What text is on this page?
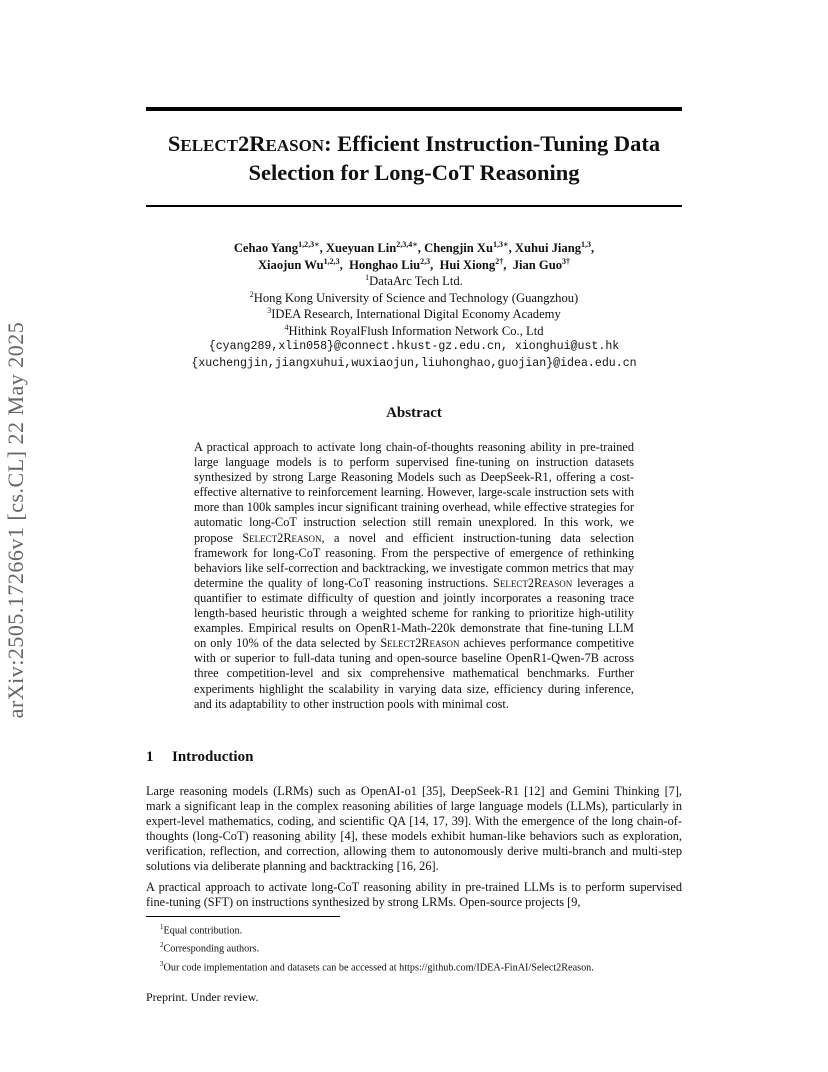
arXiv:2505.17266v1 [cs.CL] 22 May 2025
SELECT2REASON: Efficient Instruction-Tuning Data
Selection for Long-CoT Reasoning
Cehao Yang$^{1,2,3∗}$, Xueyuan Lin$^{2,3,4∗}$, Chengjin $Xu^{1,3∗}$, Xuhui Jiang$^{1,3}$,
Xiaojun Wu$^{1,2,3}$,  Honghao Liu$^{2,3}$,  Hui Xiong$^{2\dagger}$,  Jian Guo$^{3\dagger}$
$^1$DataArc Tech Ltd.
$^2$Hong Kong University of Science and Technology (Guangzhou)
$^3$IDEA Research, International Digital Economy Academy
$^4$Hithink RoyalFlush Information Network Co., Ltd
{cyang289,xlin058}@connect.hkust-gz.edu.cn, xionghui@ust.hk
{xuchengjin,jiangxuhui,wuxiaojun,liuhonghao,guojian}@idea.edu.cn
Abstract
A practical approach to activate long chain-of-thoughts reasoning ability in pre-trained large language models is to perform supervised fine-tuning on instruction datasets synthesized by strong Large Reasoning Models such as DeepSeek-R1, offering a cost-effective alternative to reinforcement learning. However, large-scale instruction sets with more than 100k samples incur significant training overhead, while effective strategies for automatic long-CoT instruction selection still remain unexplored. In this work, we propose Select2Reason, a novel and efficient instruction-tuning data selection framework for long-CoT reasoning. From the perspective of emergence of rethinking behaviors like self-correction and backtracking, we investigate common metrics that may determine the quality of long-CoT reasoning instructions. Select2Reason leverages a quantifier to estimate difficulty of question and jointly incorporates a reasoning trace length-based heuristic through a weighted scheme for ranking to prioritize high-utility examples. Empirical results on OpenR1-Math-220k demonstrate that fine-tuning LLM on only 10% of the data selected by Select2Reason achieves performance competitive with or superior to full-data tuning and open-source baseline OpenR1-Qwen-7B across three competition-level and six comprehensive mathematical benchmarks. Further experiments highlight the scalability in varying data size, efficiency during inference, and its adaptability to other instruction pools with minimal cost.
1 Introduction
Large reasoning models (LRMs) such as OpenAI-o1 [35], DeepSeek-R1 [12] and Gemini Thinking [7], mark a significant leap in the complex reasoning abilities of large language models (LLMs), particularly in expert-level mathematics, coding, and scientific QA [14, 17, 39]. With the emergence of the long chain-of-thoughts (long-CoT) reasoning ability [4], these models exhibit human-like behaviors such as exploration, verification, reflection, and correction, allowing them to autonomously derive multi-branch and multi-step solutions via deliberate planning and backtracking [16, 26].
A practical approach to activate long-CoT reasoning ability in pre-trained LLMs is to perform supervised fine-tuning (SFT) on instructions synthesized by strong LRMs. Open-source projects [9,
$^1$Equal contribution.
$^2$Corresponding authors.
$^3$Our code implementation and datasets can be accessed at https://github.com/IDEA-FinAI/Select2Reason.
Preprint. Under review.
